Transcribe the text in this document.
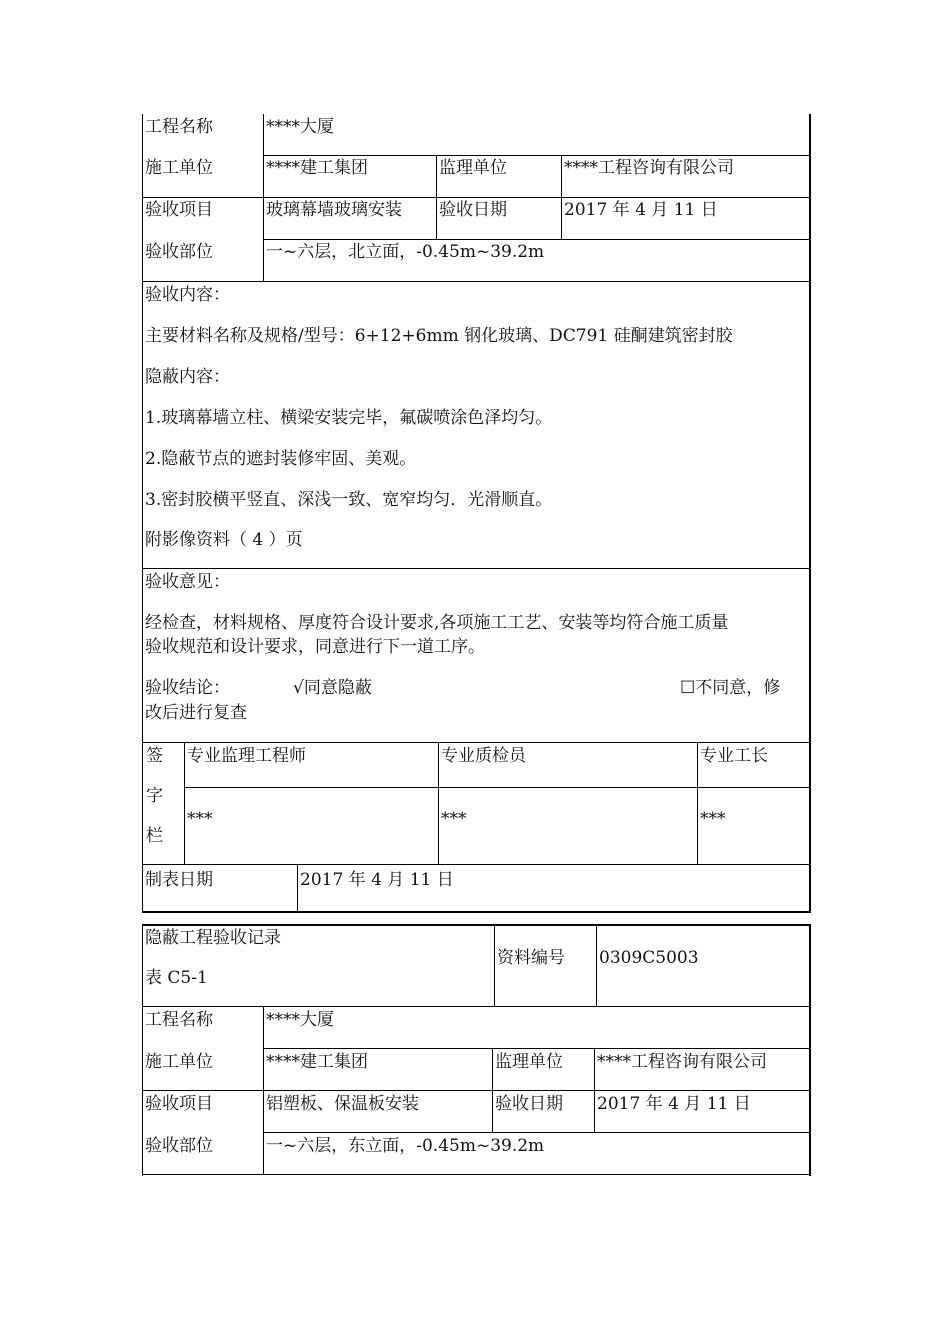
工程名称	****大厦
施工单位	****建工集团	监理单位	****工程咨询有限公司
验收项目	玻璃幕墙玻璃安装 验收日期	2017 年 4 月 11 日
验收部位	一~六层，北立面，-0.45m~39.2m
验收内容：
主要材料名称及规格/型号：6+12+6mm 钢化玻璃、DC791 硅酮建筑密封胶
隐蔽内容：
1.玻璃幕墙立柱、横梁安装完毕，氟碳喷涂色泽均匀。
2.隐蔽节点的遮封装修牢固、美观。
3.密封胶横平竖直、深浅一致、宽窄均匀．光滑顺直。
附影像资料（ 4 ）页
验收意见：
经检查，材料规格、厚度符合设计要求,各项施工工艺、安装等均符合施工质量
验收规范和设计要求，同意进行下一道工序。
验收结论：	√同意隐蔽	☐不同意，修
改后进行复查
签
字
栏
专业监理工程师	专业质检员	专业工长
***	***	***
制表日期	2017 年 4 月 11 日
隐蔽工程验收记录
表 C5-1
资料编号 0309C5003
工程名称	****大厦
施工单位	****建工集团	监理单位 ****工程咨询有限公司
验收项目	铝塑板、保温板安装	验收日期 2017 年 4 月 11 日
验收部位	一~六层，东立面，-0.45m~39.2m
